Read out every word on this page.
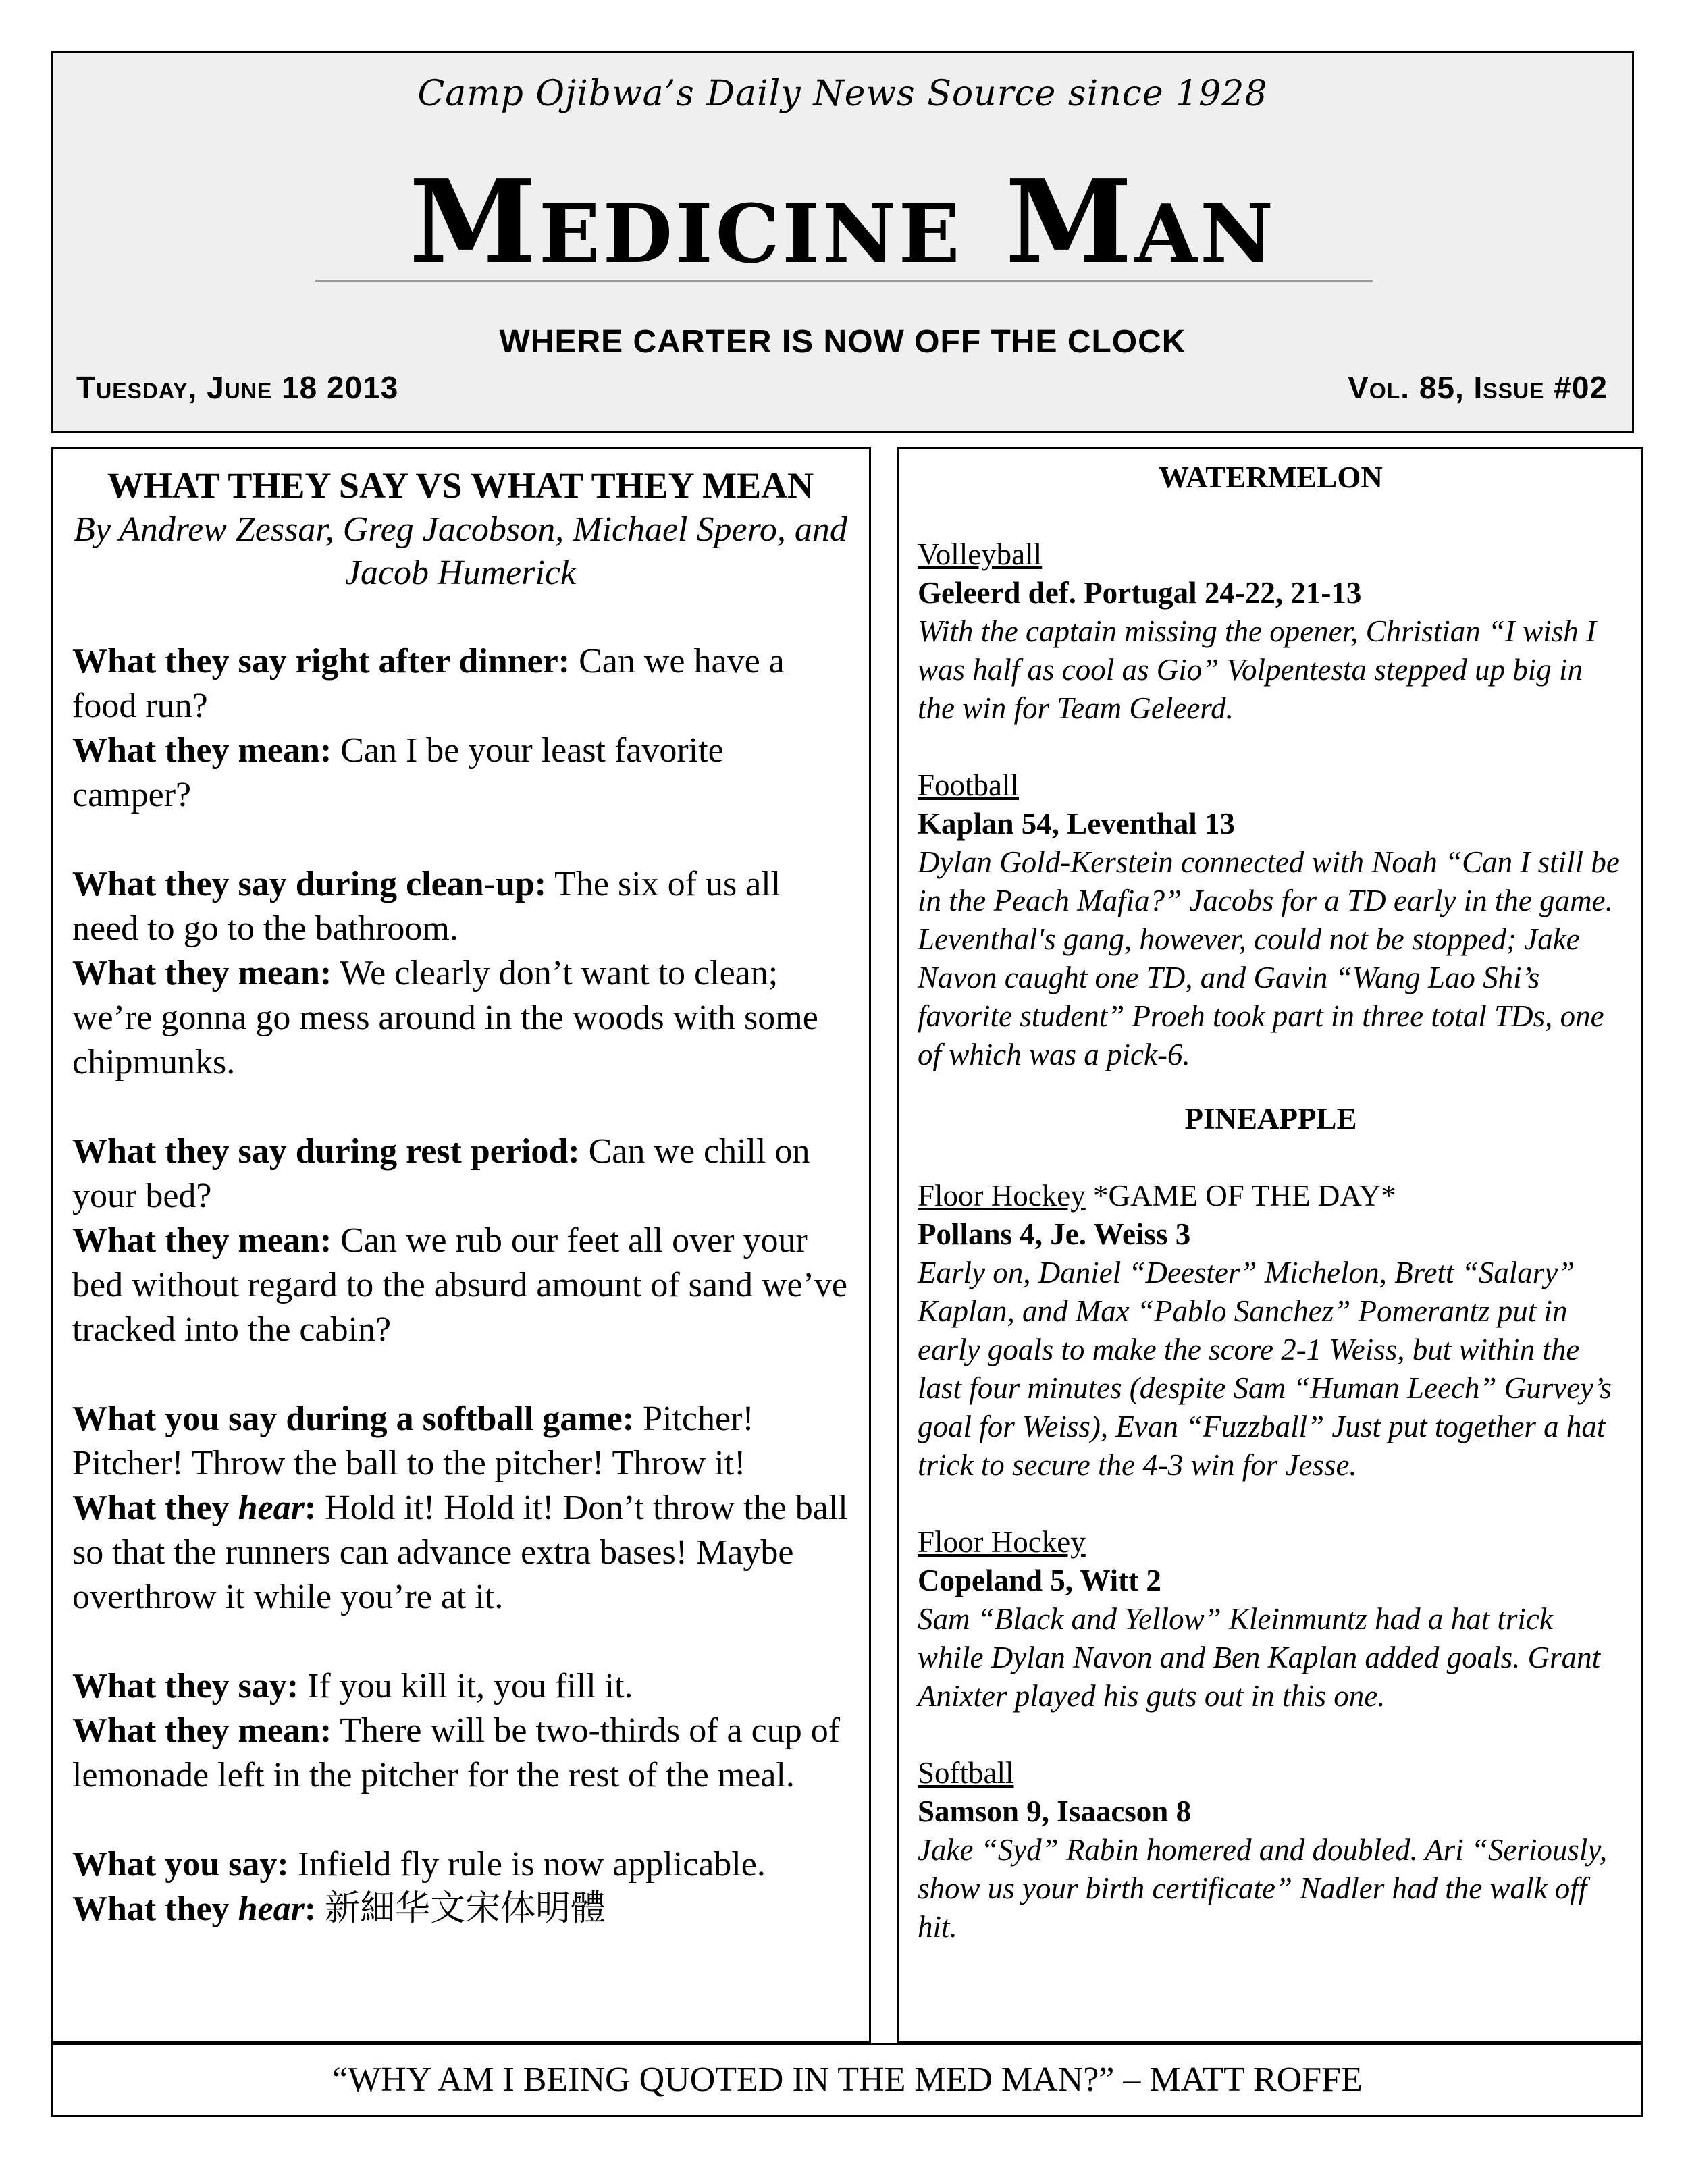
Camp Ojibwa’s Daily News Source since 1928
Medicine Man
WHERE CARTER IS NOW OFF THE CLOCK
Tuesday, June 18 2013	Vol. 85, Issue #02
WHAT THEY SAY VS WHAT THEY MEAN
By Andrew Zessar, Greg Jacobson, Michael Spero, and Jacob Humerick

What they say right after dinner: Can we have a food run?

What they mean: Can I be your least favorite camper?

What they say during clean-up: The six of us all need to go to the bathroom.

What they mean: We clearly don’t want to clean; we’re gonna go mess around in the woods with some chipmunks.

What they say during rest period: Can we chill on your bed?

What they mean: Can we rub our feet all over your bed without regard to the absurd amount of sand we’ve tracked into the cabin?

What you say during a softball game: Pitcher! Pitcher! Throw the ball to the pitcher! Throw it!

What they hear: Hold it! Hold it! Don’t throw the ball so that the runners can advance extra bases! Maybe overthrow it while you’re at it.

What they say: If you kill it, you fill it.

What they mean: There will be two-thirds of a cup of lemonade left in the pitcher for the rest of the meal.

What you say: Infield fly rule is now applicable.

What they hear: 新細华文宋体明體

WATERMELON

Volleyball

Geleerd def. Portugal 24-22, 21-13

With the captain missing the opener, Christian “I wish I was half as cool as Gio” Volpentesta stepped up big in the win for Team Geleerd.

Football

Kaplan 54, Leventhal 13

Dylan Gold-Kerstein connected with Noah “Can I still be in the Peach Mafia?” Jacobs for a TD early in the game. Leventhal's gang, however, could not be stopped; Jake Navon caught one TD, and Gavin “Wang Lao Shi’s favorite student” Proeh took part in three total TDs, one of which was a pick-6.

PINEAPPLE

Floor Hockey *GAME OF THE DAY*

Pollans 4, Je. Weiss 3

Early on, Daniel “Deester” Michelon, Brett “Salary” Kaplan, and Max “Pablo Sanchez” Pomerantz put in early goals to make the score 2-1 Weiss, but within the last four minutes (despite Sam “Human Leech” Gurvey’s goal for Weiss), Evan “Fuzzball” Just put together a hat trick to secure the 4-3 win for Jesse.

Floor Hockey

Copeland 5, Witt 2

Sam “Black and Yellow” Kleinmuntz had a hat trick while Dylan Navon and Ben Kaplan added goals. Grant Anixter played his guts out in this one.

Softball

Samson 9, Isaacson 8

Jake “Syd” Rabin homered and doubled. Ari “Seriously, show us your birth certificate” Nadler had the walk off hit.

“WHY AM I BEING QUOTED IN THE MED MAN?” – MATT ROFFE
